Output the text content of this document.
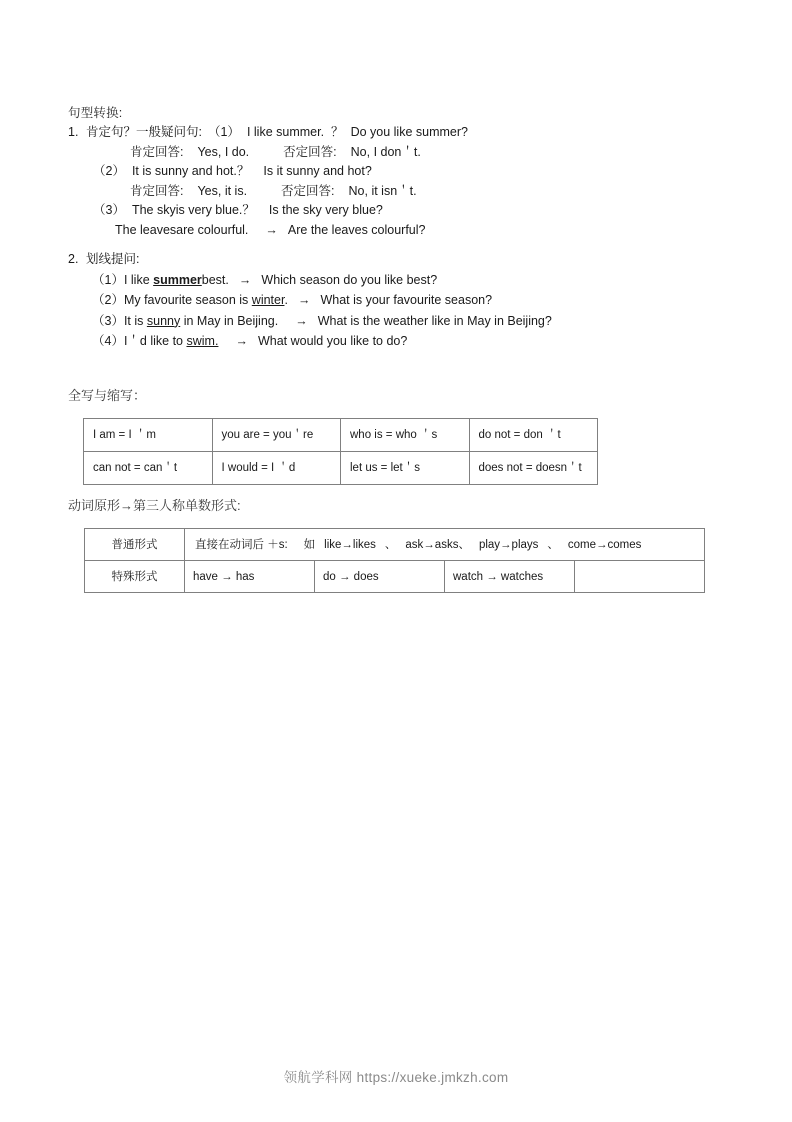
句型转换:
1. 肯定句？一般疑问句: （1） I like summer. ？ Do you like summer?
肯定回答: Yes, I do.	否定回答: No, I don＇t.
（2） It is sunny and hot.？ Is it sunny and hot?
肯定回答: Yes, it is.	否定回答: No, it isn＇t.
（3） The skyis very blue.？ Is the sky very blue?
The leavesare colourful. → Are the leaves colourful?
2. 划线提问:
（1）I like summerbest. → Which season do you like best?
（2）My favourite season is winter. → What is your favourite season?
（3）It is sunny in May in Beijing. → What is the weather like in May in Beijing?
（4）I＇d like to swim. → What would you like to do?
全写与缩写：
I am = I ＇m	you are = you＇re	who is = who ＇s	do not = don ＇t
can not = can＇t	I would = I ＇d	let us = let＇s	does not = doesn＇t
动词原形→第三人称单数形式:
普通形式	直接在动词后 ＋s: 如 like→likes 、 ask→asks、 play→plays 、 come→comes			
特殊形式	have → has	do → does	watch → watches	
领航学科网 https://xueke.jmkzh.com
